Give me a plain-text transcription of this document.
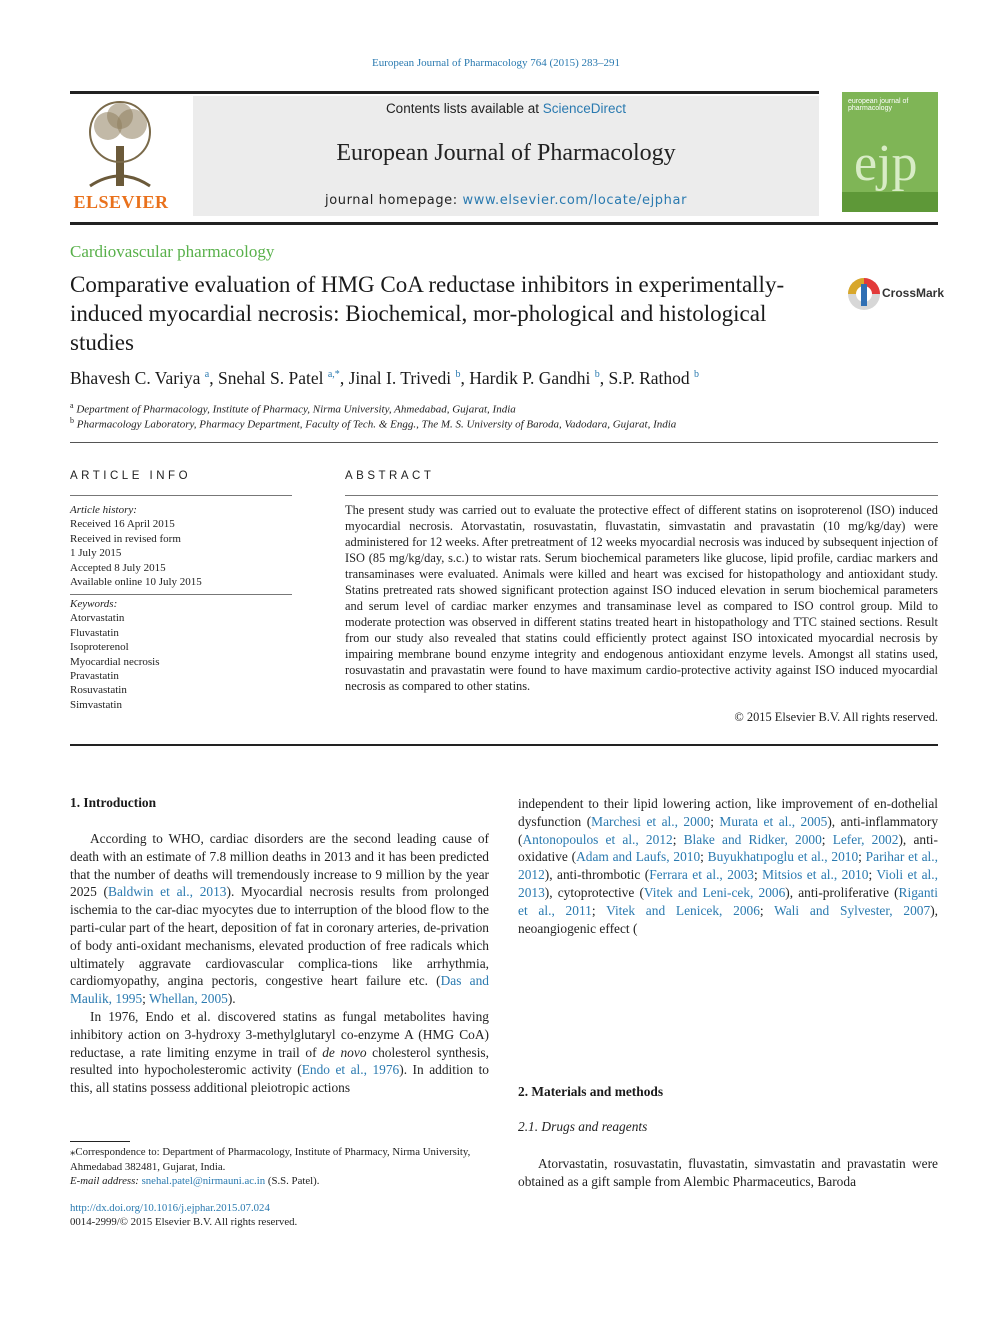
European Journal of Pharmacology 764 (2015) 283–291
ELSEVIER
Contents lists available at ScienceDirect
European Journal of Pharmacology
journal homepage: www.elsevier.com/locate/ejphar
ejp
european journal of pharmacology
Cardiovascular pharmacology
Comparative evaluation of HMG CoA reductase inhibitors in experimentally-induced myocardial necrosis: Biochemical, mor-phological and histological studies
CrossMark
Bhavesh C. Variya $^a$, Snehal S. Patel $^{a,*}$, Jinal I. Trivedi $^b$, Hardik P. Gandhi $^b$, S.P. Rathod $^b$
$^a$ Department of Pharmacology, Institute of Pharmacy, Nirma University, Ahmedabad, Gujarat, India
$^b$ Pharmacology Laboratory, Pharmacy Department, Faculty of Tech. & Engg., The M. S. University of Baroda, Vadodara, Gujarat, India
ARTICLE INFO
Article history:
Received 16 April 2015
Received in revised form
1 July 2015
Accepted 8 July 2015
Available online 10 July 2015
Keywords:
Atorvastatin
Fluvastatin
Isoproterenol
Myocardial necrosis
Pravastatin
Rosuvastatin
Simvastatin
ABSTRACT
The present study was carried out to evaluate the protective effect of different statins on isoproterenol (ISO) induced myocardial necrosis. Atorvastatin, rosuvastatin, fluvastatin, simvastatin and pravastatin (10 mg/kg/day) were administered for 12 weeks. After pretreatment of 12 weeks myocardial necrosis was induced by subsequent injection of ISO (85 mg/kg/day, s.c.) to wistar rats. Serum biochemical parameters like glucose, lipid profile, cardiac markers and transaminases were evaluated. Animals were killed and heart was excised for histopathology and antioxidant study. Statins pretreated rats showed significant protection against ISO induced elevation in serum biochemical parameters and serum level of cardiac marker enzymes and transaminase level as compared to ISO control group. Mild to moderate protection was observed in different statins treated heart in histopathology and TTC stained sections. Result from our study also revealed that statins could efficiently protect against ISO intoxicated myocardial necrosis by impairing membrane bound enzyme integrity and endogenous antioxidant enzyme levels. Amongst all statins used, rosuvastatin and pravastatin were found to have maximum cardio-protective activity against ISO induced myocardial necrosis as compared to other statins.
© 2015 Elsevier B.V. All rights reserved.
1. Introduction

According to WHO, cardiac disorders are the second leading cause of death with an estimate of 7.8 million deaths in 2013 and it has been predicted that the number of deaths will tremendously increase to 9 million by the year 2025 (Baldwin et al., 2013). Myocardial necrosis results from prolonged ischemia to the car-diac myocytes due to interruption of the blood flow to the parti-cular part of the heart, deposition of fat in coronary arteries, de-privation of body anti-oxidant mechanisms, elevated production of free radicals which ultimately aggravate cardiovascular complica-tions like arrhythmia, cardiomyopathy, angina pectoris, congestive heart failure etc. (Das and Maulik, 1995; Whellan, 2005).

In 1976, Endo et al. discovered statins as fungal metabolites having inhibitory action on 3-hydroxy 3-methylglutaryl co-enzyme A (HMG CoA) reductase, a rate limiting enzyme in trail of de novo cholesterol synthesis, resulted into hypocholesteromic activity (Endo et al., 1976). In addition to this, all statins possess additional pleiotropic actions

⁎Correspondence to: Department of Pharmacology, Institute of Pharmacy, Nirma University, Ahmedabad 382481, Gujarat, India.
E-mail address: snehal.patel@nirmauni.ac.in (S.S. Patel).
http://dx.doi.org/10.1016/j.ejphar.2015.07.024
0014-2999/© 2015 Elsevier B.V. All rights reserved.

independent to their lipid lowering action, like improvement of en-dothelial dysfunction (Marchesi et al., 2000; Murata et al., 2005), anti-inflammatory (Antonopoulos et al., 2012; Blake and Ridker, 2000; Lefer, 2002), anti-oxidative (Adam and Laufs, 2010; Buyukhatıpoglu et al., 2010; Parihar et al., 2012), anti-thrombotic (Ferrara et al., 2003; Mitsios et al., 2010; Violi et al., 2013), cytoprotective (Vitek and Leni-cek, 2006), anti-proliferative (Riganti et al., 2011; Vitek and Lenicek, 2006; Wali and Sylvester, 2007), neoangiogenic effect (

2. Materials and methods
2.1. Drugs and reagents

Atorvastatin, rosuvastatin, fluvastatin, simvastatin and pravastatin were obtained as a gift sample from Alembic Pharmaceutics, Baroda
